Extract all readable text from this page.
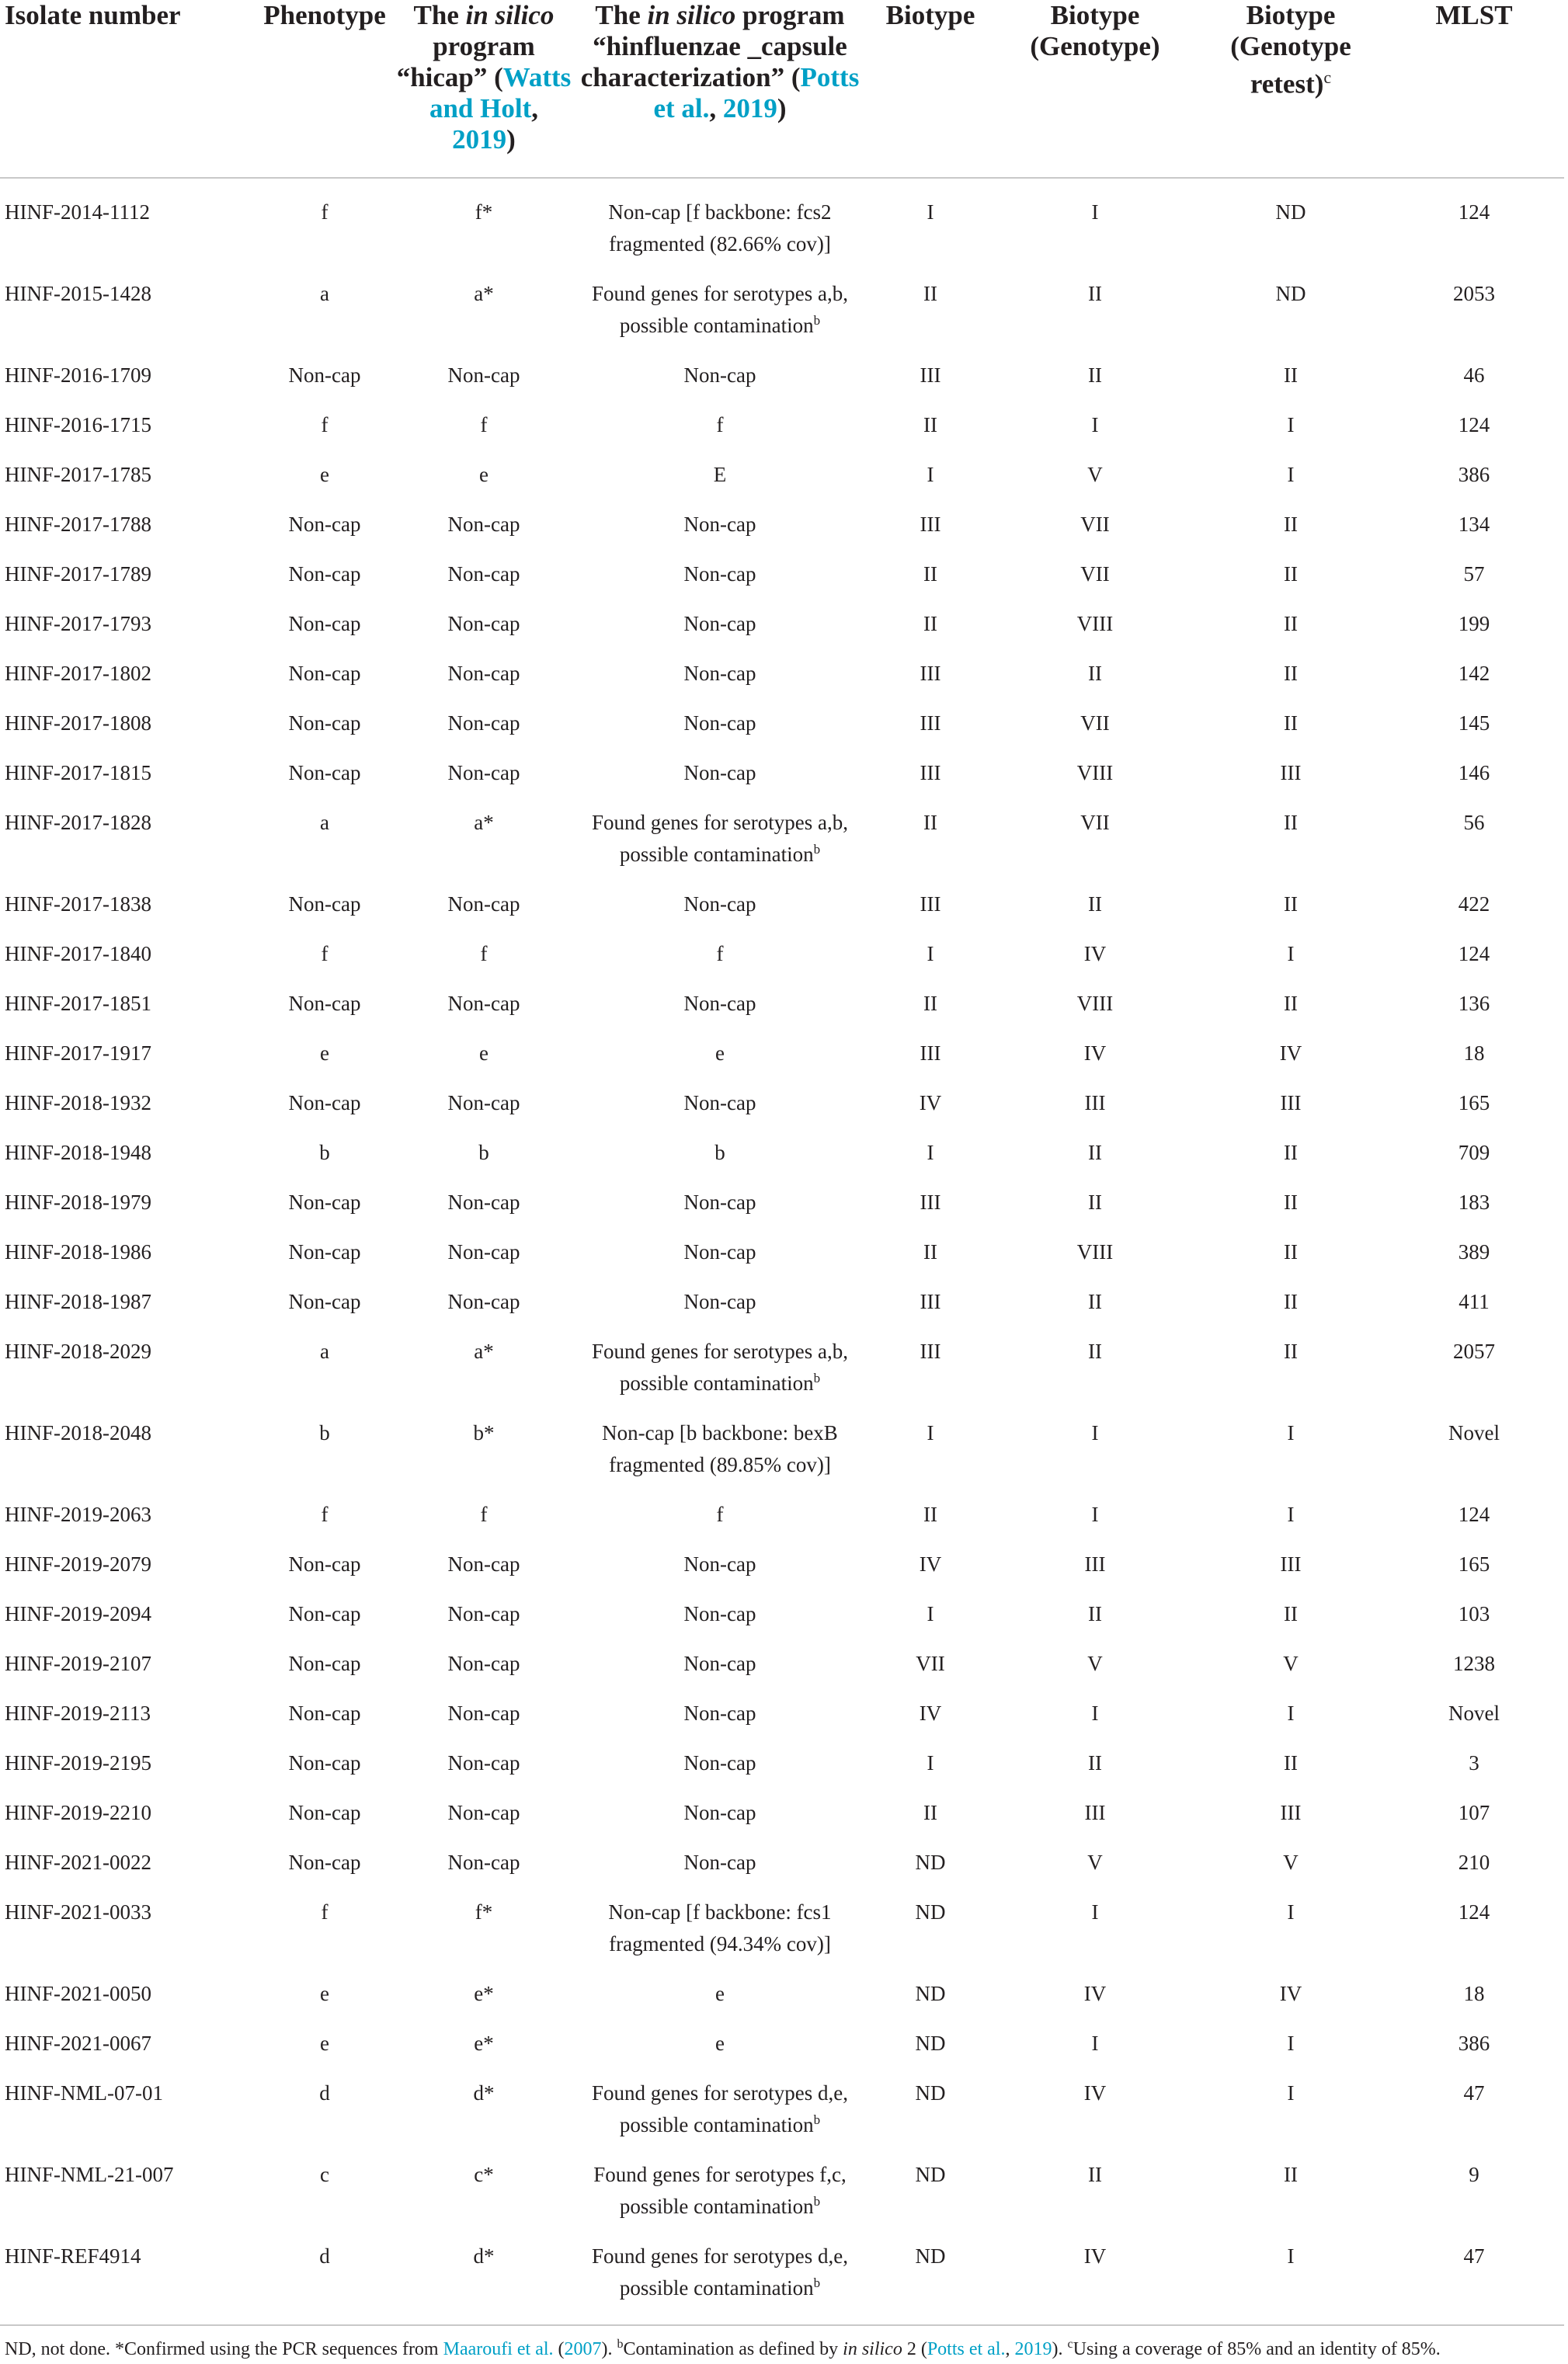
Isolate number	Phenotype	The in silico program “hicap” (Watts and Holt, 2019)	The in silico program “hinfluenzae _capsule characterization” (Potts et al., 2019)	Biotype	Biotype (Genotype)	Biotype (Genotype retest)$^c$	MLST
HINF-2014-1112	f	f*	Non-cap [f backbone: fcs2 fragmented (82.66% cov)]	I	I	ND	124
HINF-2015-1428	a	a*	Found genes for serotypes a,b, possible contamination$^b$	II	II	ND	2053
HINF-2016-1709	Non-cap	Non-cap	Non-cap	III	II	II	46
HINF-2016-1715	f	f	f	II	I	I	124
HINF-2017-1785	e	e	E	I	V	I	386
HINF-2017-1788	Non-cap	Non-cap	Non-cap	III	VII	II	134
HINF-2017-1789	Non-cap	Non-cap	Non-cap	II	VII	II	57
HINF-2017-1793	Non-cap	Non-cap	Non-cap	II	VIII	II	199
HINF-2017-1802	Non-cap	Non-cap	Non-cap	III	II	II	142
HINF-2017-1808	Non-cap	Non-cap	Non-cap	III	VII	II	145
HINF-2017-1815	Non-cap	Non-cap	Non-cap	III	VIII	III	146
HINF-2017-1828	a	a*	Found genes for serotypes a,b, possible contamination$^b$	II	VII	II	56
HINF-2017-1838	Non-cap	Non-cap	Non-cap	III	II	II	422
HINF-2017-1840	f	f	f	I	IV	I	124
HINF-2017-1851	Non-cap	Non-cap	Non-cap	II	VIII	II	136
HINF-2017-1917	e	e	e	III	IV	IV	18
HINF-2018-1932	Non-cap	Non-cap	Non-cap	IV	III	III	165
HINF-2018-1948	b	b	b	I	II	II	709
HINF-2018-1979	Non-cap	Non-cap	Non-cap	III	II	II	183
HINF-2018-1986	Non-cap	Non-cap	Non-cap	II	VIII	II	389
HINF-2018-1987	Non-cap	Non-cap	Non-cap	III	II	II	411
HINF-2018-2029	a	a*	Found genes for serotypes a,b, possible contamination$^b$	III	II	II	2057
HINF-2018-2048	b	b*	Non-cap [b backbone: bexB fragmented (89.85% cov)]	I	I	I	Novel
HINF-2019-2063	f	f	f	II	I	I	124
HINF-2019-2079	Non-cap	Non-cap	Non-cap	IV	III	III	165
HINF-2019-2094	Non-cap	Non-cap	Non-cap	I	II	II	103
HINF-2019-2107	Non-cap	Non-cap	Non-cap	VII	V	V	1238
HINF-2019-2113	Non-cap	Non-cap	Non-cap	IV	I	I	Novel
HINF-2019-2195	Non-cap	Non-cap	Non-cap	I	II	II	3
HINF-2019-2210	Non-cap	Non-cap	Non-cap	II	III	III	107
HINF-2021-0022	Non-cap	Non-cap	Non-cap	ND	V	V	210
HINF-2021-0033	f	f*	Non-cap [f backbone: fcs1 fragmented (94.34% cov)]	ND	I	I	124
HINF-2021-0050	e	e*	e	ND	IV	IV	18
HINF-2021-0067	e	e*	e	ND	I	I	386
HINF-NML-07-01	d	d*	Found genes for serotypes d,e, possible contamination$^b$	ND	IV	I	47
HINF-NML-21-007	c	c*	Found genes for serotypes f,c, possible contamination$^b$	ND	II	II	9
HINF-REF4914	d	d*	Found genes for serotypes d,e, possible contamination$^b$	ND	IV	I	47
ND, not done. *Confirmed using the PCR sequences from Maaroufi et al. (2007). $^b$Contamination as defined by in silico 2 (Potts et al., 2019). $^c$Using a coverage of 85% and an identity of 85%.
